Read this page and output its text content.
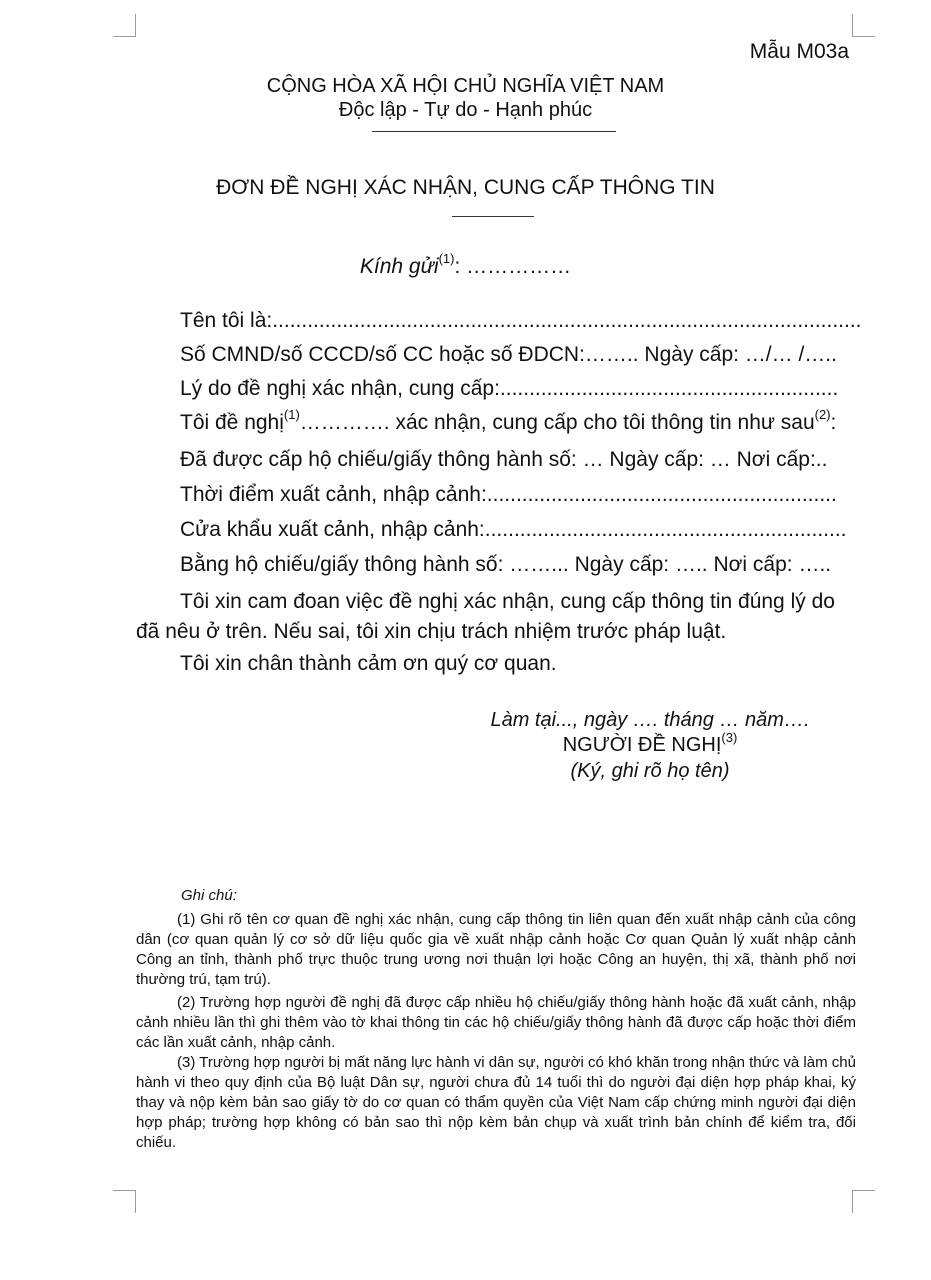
Mẫu M03a
CỘNG HÒA XÃ HỘI CHỦ NGHĨA VIỆT NAM
Độc lập - Tự do - Hạnh phúc
ĐƠN ĐỀ NGHỊ XÁC NHẬN, CUNG CẤP THÔNG TIN
Kính gửi$^{(1)}$: ……………
Tên tôi là:.....................................................................................................
Số CMND/số CCCD/số CC hoặc số ĐDCN:…….. Ngày cấp: …/… /…..
Lý do đề nghị xác nhận, cung cấp:..........................................................
Tôi đề nghị$^{(1)}$…………. xác nhận, cung cấp cho tôi thông tin như sau$^{(2)}$:
Đã được cấp hộ chiếu/giấy thông hành số: … Ngày cấp: … Nơi cấp:..
Thời điểm xuất cảnh, nhập cảnh:............................................................
Cửa khẩu xuất cảnh, nhập cảnh:..............................................................
Bằng hộ chiếu/giấy thông hành số: ……... Ngày cấp: ….. Nơi cấp: …..
Tôi xin cam đoan việc đề nghị xác nhận, cung cấp thông tin đúng lý do đã nêu ở trên. Nếu sai, tôi xin chịu trách nhiệm trước pháp luật.
Tôi xin chân thành cảm ơn quý cơ quan.
Làm tại..., ngày …. tháng … năm….
NGƯỜI ĐỀ NGHỊ$^{(3)}$
(Ký, ghi rõ họ tên)
Ghi chú:
(1) Ghi rõ tên cơ quan đề nghị xác nhận, cung cấp thông tin liên quan đến xuất nhập cảnh của công dân (cơ quan quản lý cơ sở dữ liệu quốc gia về xuất nhập cảnh hoặc Cơ quan Quản lý xuất nhập cảnh Công an tỉnh, thành phố trực thuộc trung ương nơi thuận lợi hoặc Công an huyện, thị xã, thành phố nơi thường trú, tạm trú).
(2) Trường hợp người đề nghị đã được cấp nhiều hộ chiếu/giấy thông hành hoặc đã xuất cảnh, nhập cảnh nhiều lần thì ghi thêm vào tờ khai thông tin các hộ chiếu/giấy thông hành đã được cấp hoặc thời điểm các lần xuất cảnh, nhập cảnh.
(3) Trường hợp người bị mất năng lực hành vi dân sự, người có khó khăn trong nhận thức và làm chủ hành vi theo quy định của Bộ luật Dân sự, người chưa đủ 14 tuổi thì do người đại diện hợp pháp khai, ký thay và nộp kèm bản sao giấy tờ do cơ quan có thẩm quyền của Việt Nam cấp chứng minh người đại diện hợp pháp; trường hợp không có bản sao thì nộp kèm bản chụp và xuất trình bản chính để kiểm tra, đối chiếu.
